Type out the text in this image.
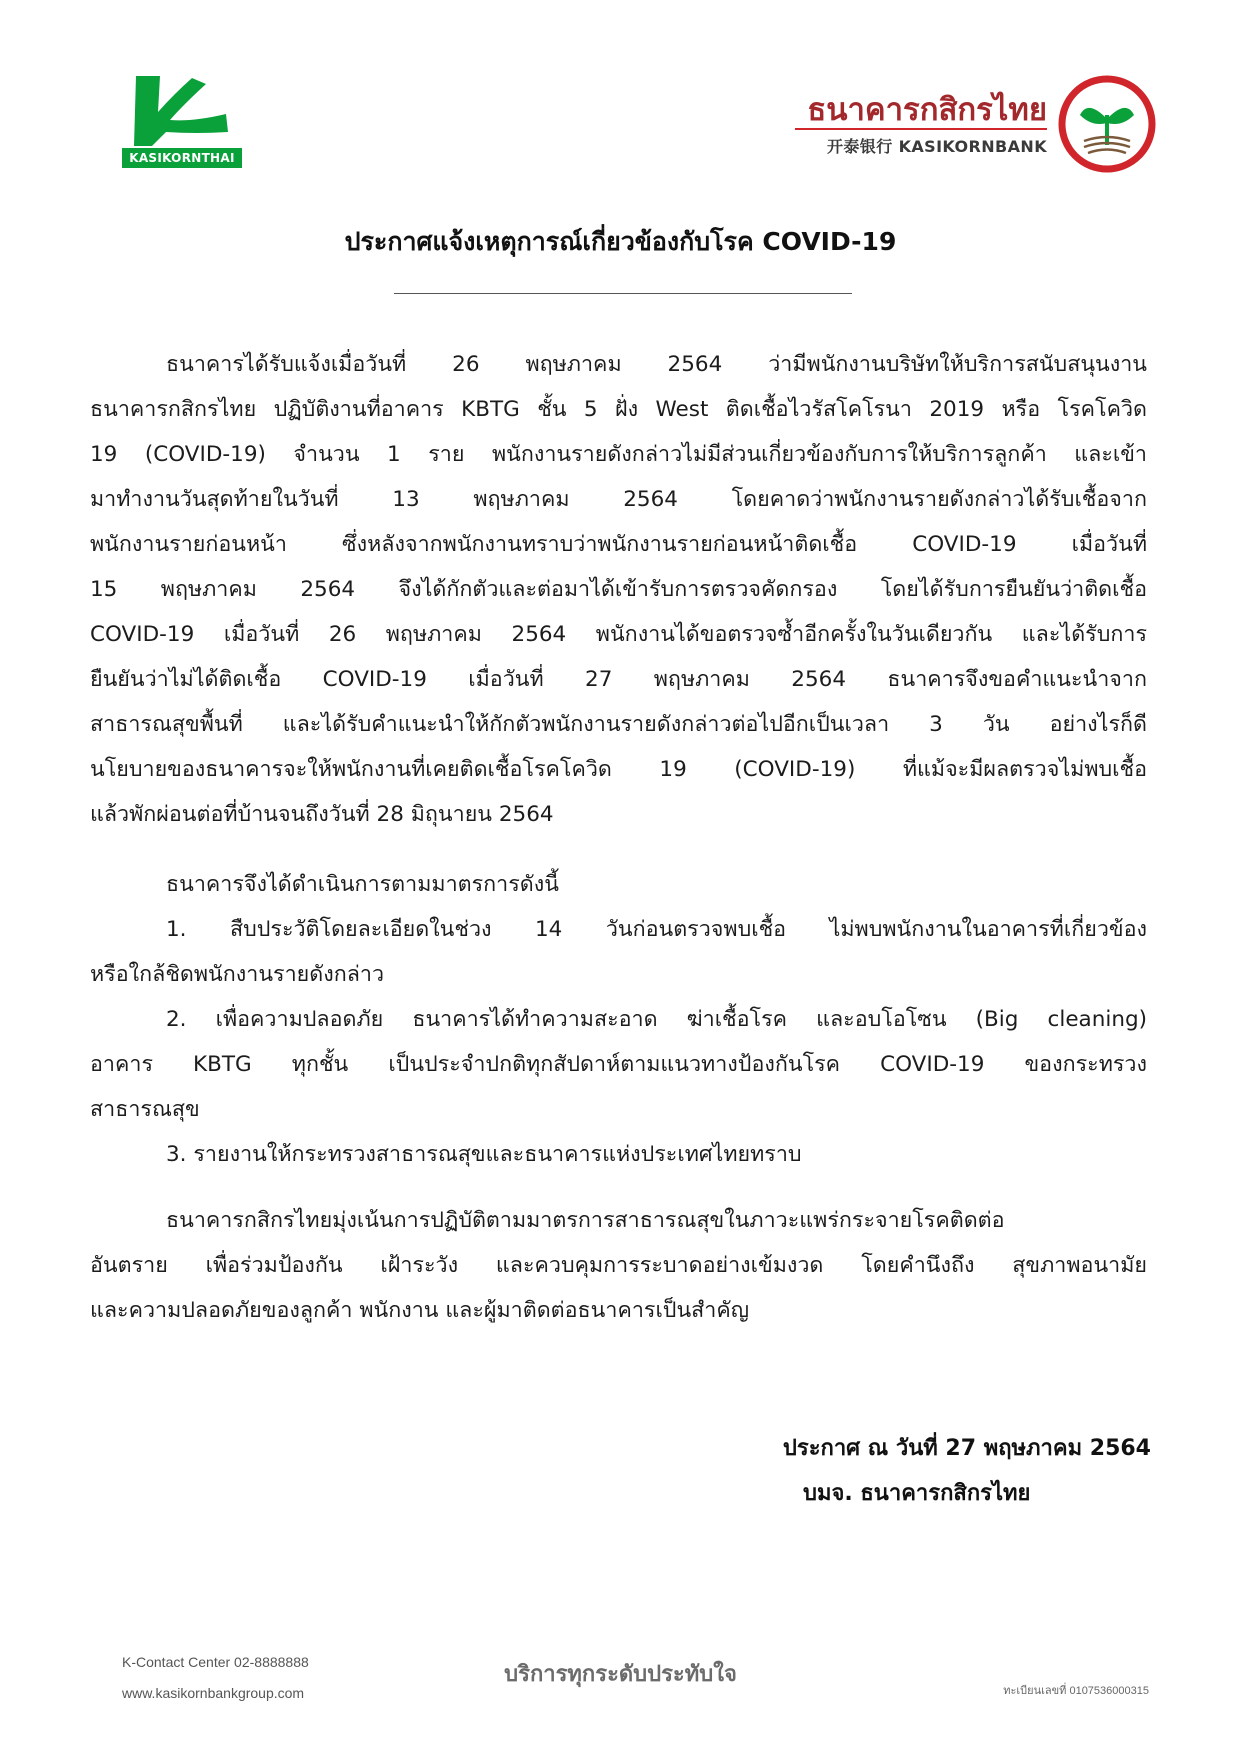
KASIKORNTHAI
ธนาคารกสิกรไทย
开泰银行 KASIKORNBANK
ประกาศแจ้งเหตุการณ์เกี่ยวข้องกับโรค COVID-19
ธนาคารได้รับแจ้งเมื่อวันที่ 26 พฤษภาคม 2564 ว่ามีพนักงานบริษัทให้บริการสนับสนุนงาน
ธนาคารกสิกรไทย ปฏิบัติงานที่อาคาร KBTG ชั้น 5 ฝั่ง West ติดเชื้อไวรัสโคโรนา 2019 หรือ โรคโควิด
19 (COVID-19) จำนวน 1 ราย พนักงานรายดังกล่าวไม่มีส่วนเกี่ยวข้องกับการให้บริการลูกค้า และเข้า
มาทำงานวันสุดท้ายในวันที่ 13 พฤษภาคม 2564 โดยคาดว่าพนักงานรายดังกล่าวได้รับเชื้อจาก
พนักงานรายก่อนหน้า ซึ่งหลังจากพนักงานทราบว่าพนักงานรายก่อนหน้าติดเชื้อ COVID-19 เมื่อวันที่
15 พฤษภาคม 2564 จึงได้กักตัวและต่อมาได้เข้ารับการตรวจคัดกรอง โดยได้รับการยืนยันว่าติดเชื้อ
COVID-19 เมื่อวันที่ 26 พฤษภาคม 2564 พนักงานได้ขอตรวจซ้ำอีกครั้งในวันเดียวกัน และได้รับการ
ยืนยันว่าไม่ได้ติดเชื้อ COVID-19 เมื่อวันที่ 27 พฤษภาคม 2564 ธนาคารจึงขอคำแนะนำจาก
สาธารณสุขพื้นที่ และได้รับคำแนะนำให้กักตัวพนักงานรายดังกล่าวต่อไปอีกเป็นเวลา 3 วัน อย่างไรก็ดี
นโยบายของธนาคารจะให้พนักงานที่เคยติดเชื้อโรคโควิด 19 (COVID-19) ที่แม้จะมีผลตรวจไม่พบเชื้อ
แล้วพักผ่อนต่อที่บ้านจนถึงวันที่ 28 มิถุนายน 2564
ธนาคารจึงได้ดำเนินการตามมาตรการดังนี้
1. สืบประวัติโดยละเอียดในช่วง 14 วันก่อนตรวจพบเชื้อ ไม่พบพนักงานในอาคารที่เกี่ยวข้อง
หรือใกล้ชิดพนักงานรายดังกล่าว
2. เพื่อความปลอดภัย ธนาคารได้ทำความสะอาด ฆ่าเชื้อโรค และอบโอโซน (Big cleaning)
อาคาร KBTG ทุกชั้น เป็นประจำปกติทุกสัปดาห์ตามแนวทางป้องกันโรค COVID-19 ของกระทรวง
สาธารณสุข
3. รายงานให้กระทรวงสาธารณสุขและธนาคารแห่งประเทศไทยทราบ
ธนาคารกสิกรไทยมุ่งเน้นการปฏิบัติตามมาตรการสาธารณสุขในภาวะแพร่กระจายโรคติดต่อ
อันตราย เพื่อร่วมป้องกัน เฝ้าระวัง และควบคุมการระบาดอย่างเข้มงวด โดยคำนึงถึง สุขภาพอนามัย
และความปลอดภัยของลูกค้า พนักงาน และผู้มาติดต่อธนาคารเป็นสำคัญ
ประกาศ ณ วันที่ 27 พฤษภาคม 2564
บมจ. ธนาคารกสิกรไทย
K-Contact Center 02-8888888
www.kasikornbankgroup.com
บริการทุกระดับประทับใจ
ทะเบียนเลขที่ 0107536000315
